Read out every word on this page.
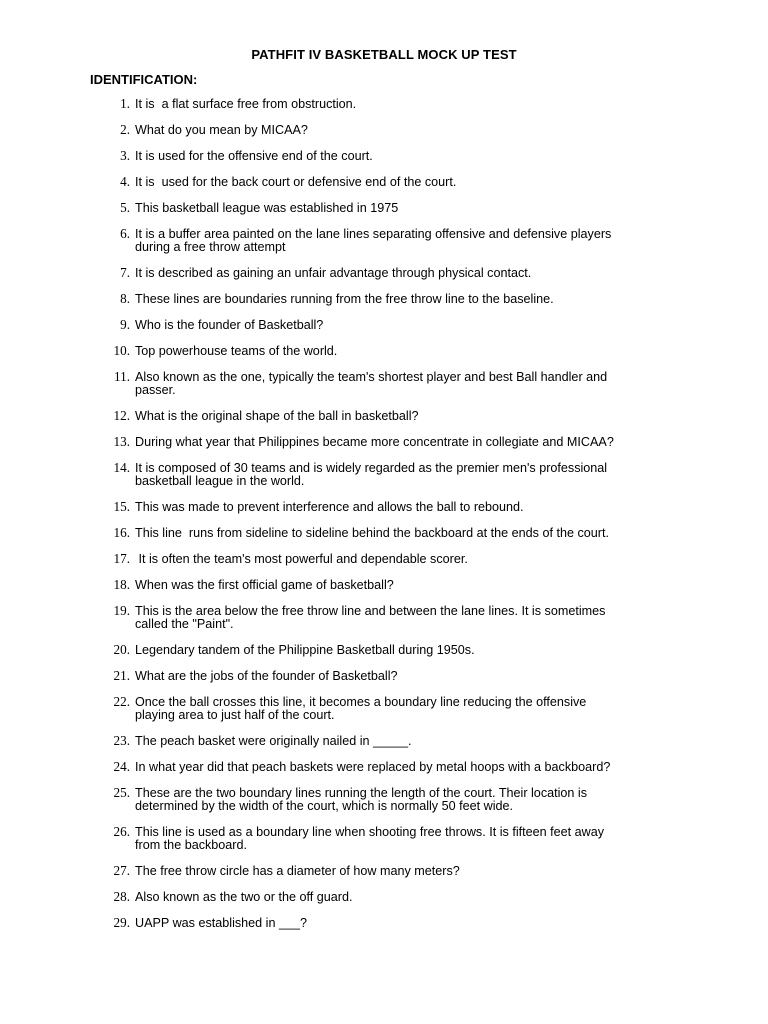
PATHFIT IV BASKETBALL MOCK UP TEST
IDENTIFICATION:
1. It is  a flat surface free from obstruction.
2. What do you mean by MICAA?
3. It is used for the offensive end of the court.
4. It is  used for the back court or defensive end of the court.
5. This basketball league was established in 1975
6. It is a buffer area painted on the lane lines separating offensive and defensive players
during a free throw attempt
7. It is described as gaining an unfair advantage through physical contact.
8. These lines are boundaries running from the free throw line to the baseline.
9. Who is the founder of Basketball?
10. Top powerhouse teams of the world.
11. Also known as the one, typically the team's shortest player and best Ball handler and
passer.
12. What is the original shape of the ball in basketball?
13. During what year that Philippines became more concentrate in collegiate and MICAA?
14. It is composed of 30 teams and is widely regarded as the premier men's professional
basketball league in the world.
15. This was made to prevent interference and allows the ball to rebound.
16. This line  runs from sideline to sideline behind the backboard at the ends of the court.
17. It is often the team's most powerful and dependable scorer.
18. When was the first official game of basketball?
19. This is the area below the free throw line and between the lane lines. It is sometimes
called the "Paint".
20. Legendary tandem of the Philippine Basketball during 1950s.
21. What are the jobs of the founder of Basketball?
22. Once the ball crosses this line, it becomes a boundary line reducing the offensive
playing area to just half of the court.
23. The peach basket were originally nailed in _____.
24. In what year did that peach baskets were replaced by metal hoops with a backboard?
25. These are the two boundary lines running the length of the court. Their location is
determined by the width of the court, which is normally 50 feet wide.
26. This line is used as a boundary line when shooting free throws. It is fifteen feet away
from the backboard.
27. The free throw circle has a diameter of how many meters?
28. Also known as the two or the off guard.
29. UAPP was established in ___?
